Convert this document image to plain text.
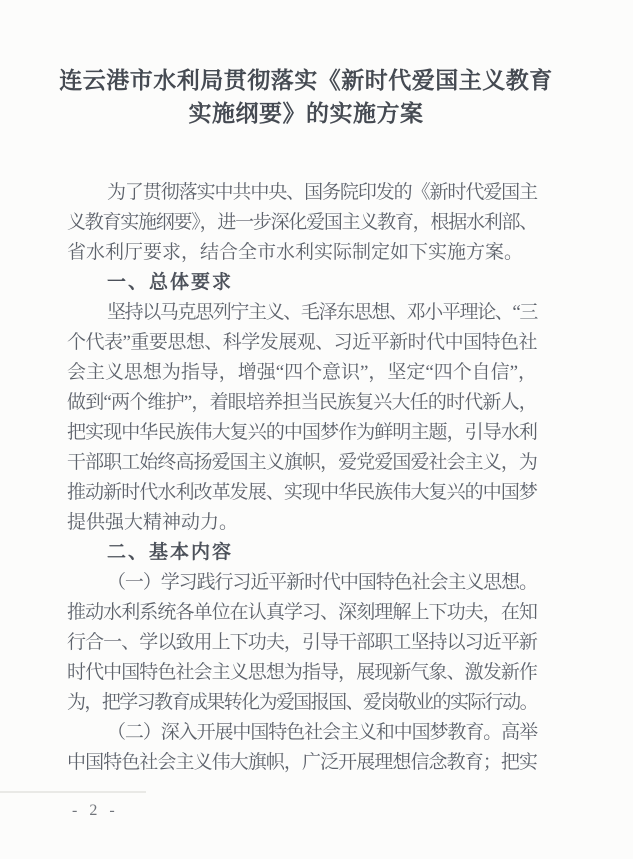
连云港市水利局贯彻落实《新时代爱国主义教育
实施纲要》的实施方案
为了贯彻落实中共中央、国务院印发的《新时代爱国主
义教育实施纲要》，进一步深化爱国主义教育，根据水利部、
省水利厅要求，结合全市水利实际制定如下实施方案。
一、总体要求
坚持以马克思列宁主义、毛泽东思想、邓小平理论、“三
个代表”重要思想、科学发展观、习近平新时代中国特色社
会主义思想为指导，增强“四个意识”，坚定“四个自信”，
做到“两个维护”，着眼培养担当民族复兴大任的时代新人，
把实现中华民族伟大复兴的中国梦作为鲜明主题，引导水利
干部职工始终高扬爱国主义旗帜，爱党爱国爱社会主义，为
推动新时代水利改革发展、实现中华民族伟大复兴的中国梦
提供强大精神动力。
二、基本内容
（一）学习践行习近平新时代中国特色社会主义思想。
推动水利系统各单位在认真学习、深刻理解上下功夫，在知
行合一、学以致用上下功夫，引导干部职工坚持以习近平新
时代中国特色社会主义思想为指导，展现新气象、激发新作
为，把学习教育成果转化为爱国报国、爱岗敬业的实际行动。
（二）深入开展中国特色社会主义和中国梦教育。高举
中国特色社会主义伟大旗帜，广泛开展理想信念教育；把实
- 2 -
